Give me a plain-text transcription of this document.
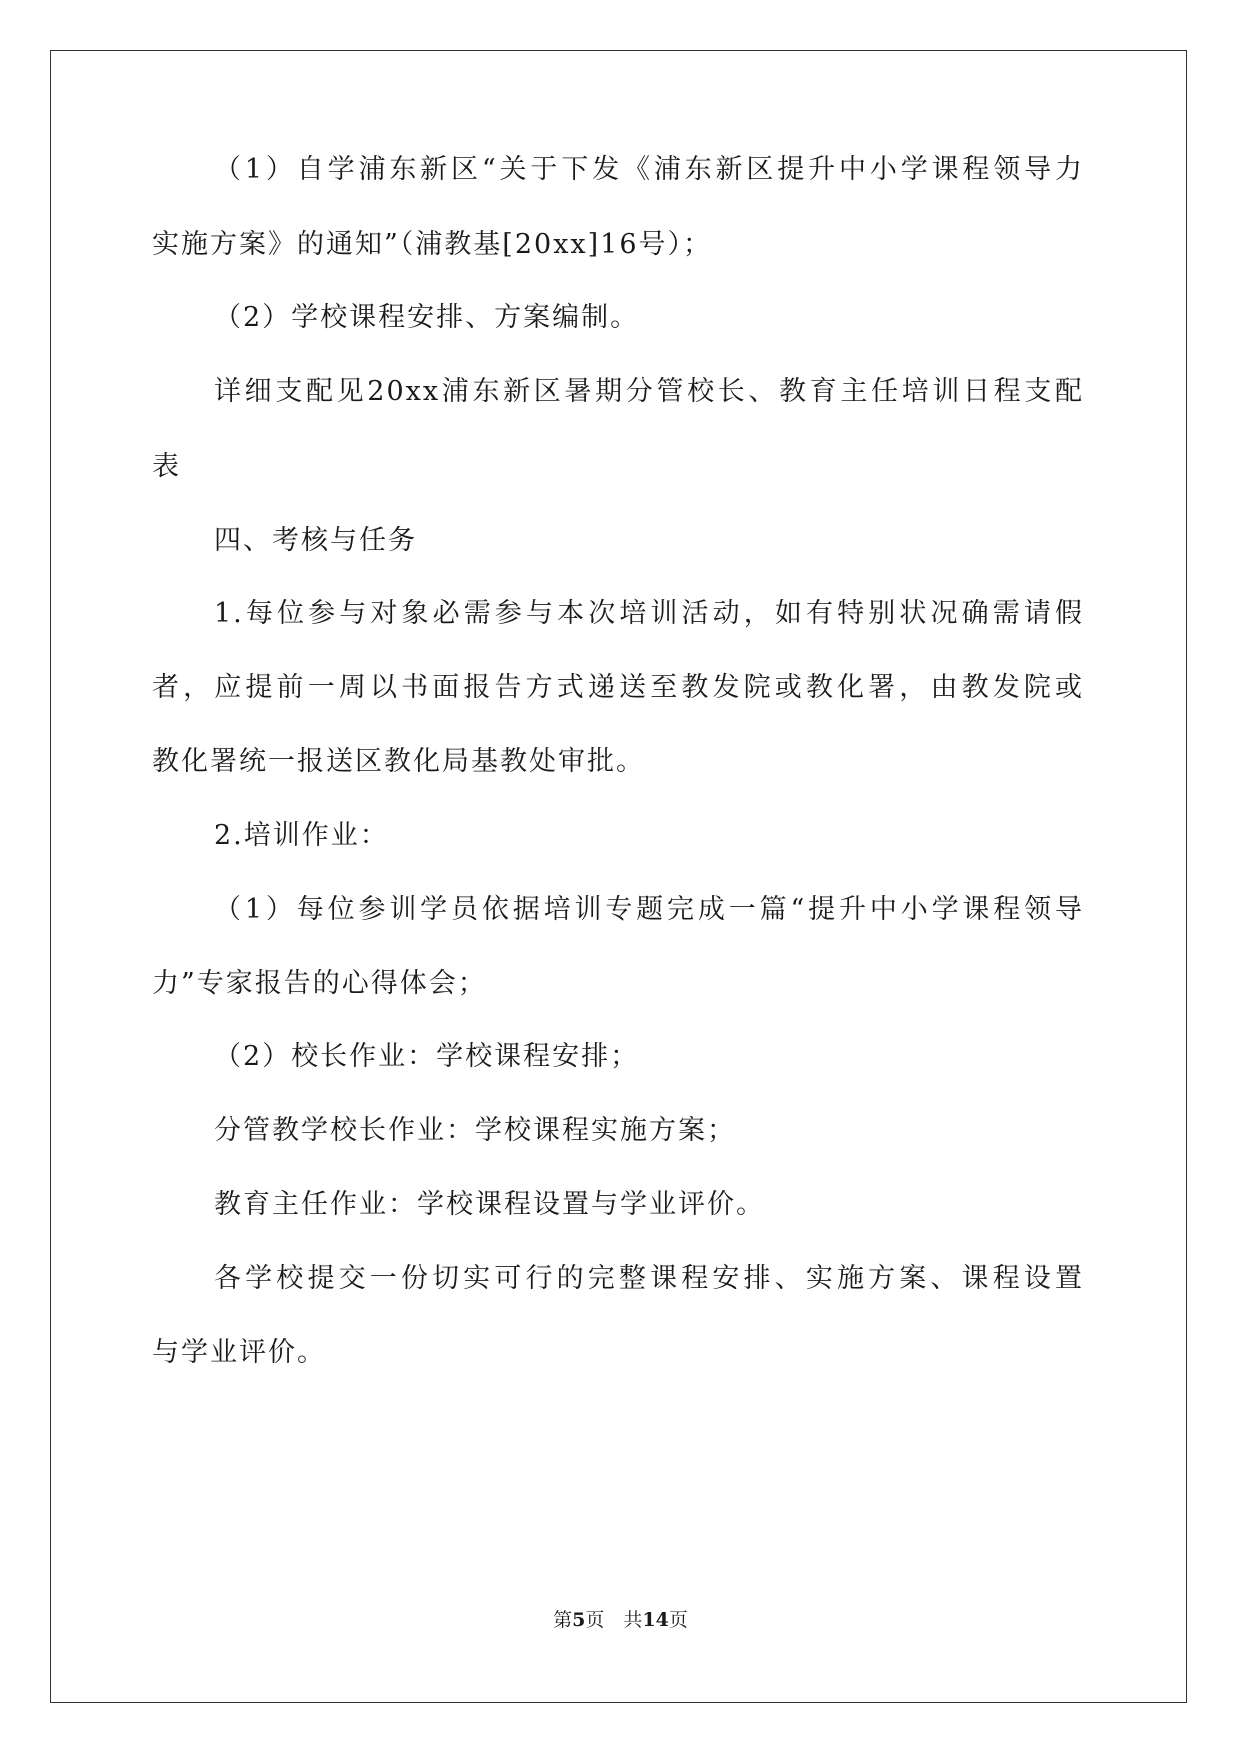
（1）自学浦东新区“关于下发《浦东新区提升中小学课程领导力
实施方案》的通知”（浦教基[20xx]16号）；
（2）学校课程安排、方案编制。
详细支配见20xx浦东新区暑期分管校长、教育主任培训日程支配
表
四、考核与任务
1.每位参与对象必需参与本次培训活动，如有特别状况确需请假
者，应提前一周以书面报告方式递送至教发院或教化署，由教发院或
教化署统一报送区教化局基教处审批。
2.培训作业：
（1）每位参训学员依据培训专题完成一篇“提升中小学课程领导
力”专家报告的心得体会；
（2）校长作业：学校课程安排；
分管教学校长作业：学校课程实施方案；
教育主任作业：学校课程设置与学业评价。
各学校提交一份切实可行的完整课程安排、实施方案、课程设置
与学业评价。
第5页　共14页
